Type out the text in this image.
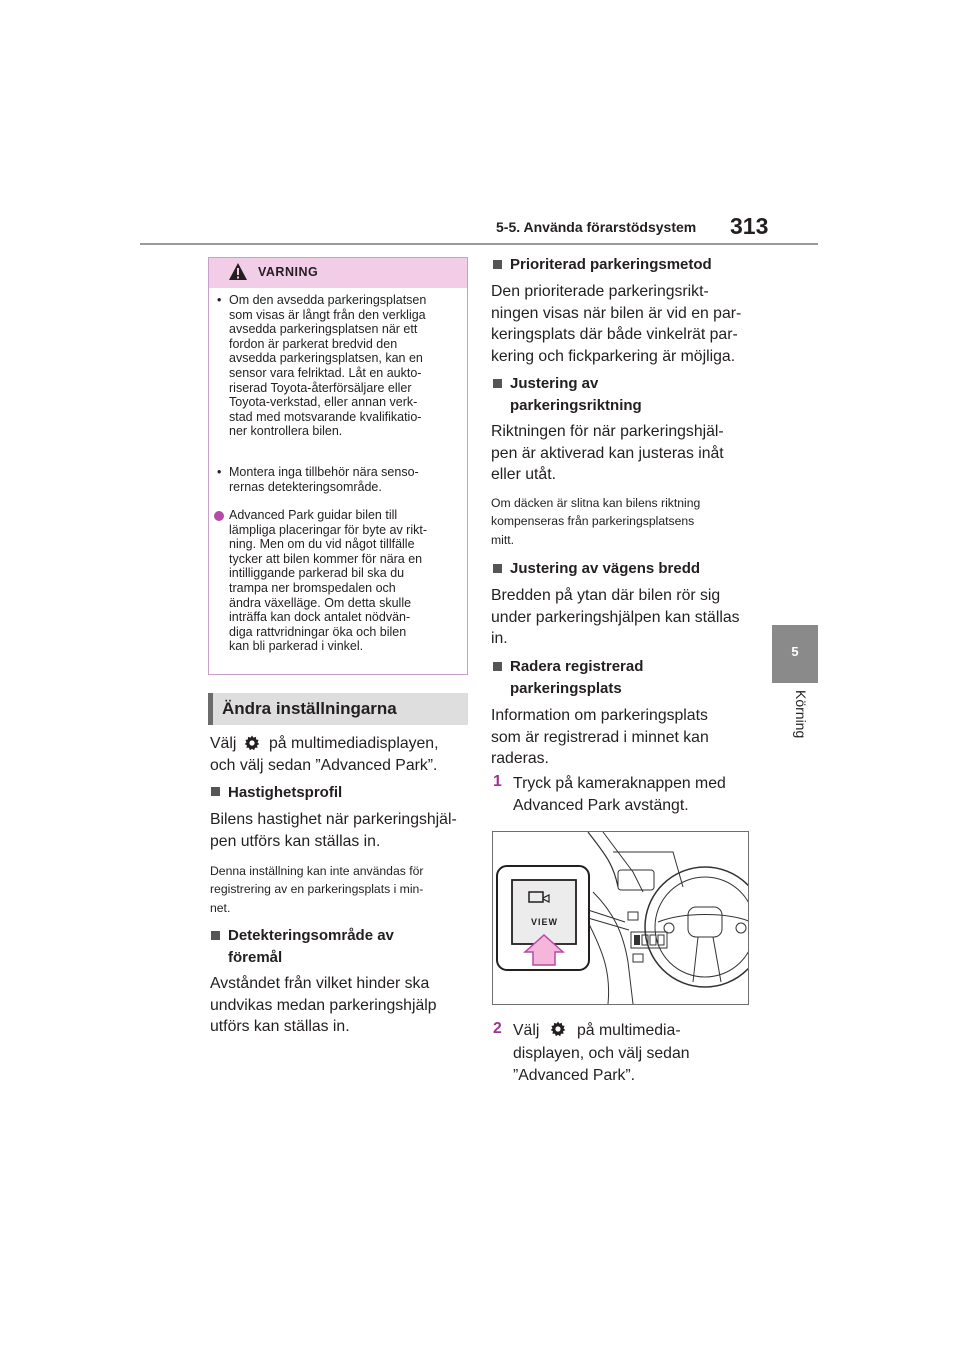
5-5. Använda förarstödsystem 313
5
Körning
VARNING
• Om den avsedda parkeringsplatsen
som visas är långt från den verkliga
avsedda parkeringsplatsen när ett
fordon är parkerat bredvid den
avsedda parkeringsplatsen, kan en
sensor vara felriktad. Låt en aukto-
riserad Toyota-återförsäljare eller
Toyota-verkstad, eller annan verk-
stad med motsvarande kvalifikatio-
ner kontrollera bilen.
• Montera inga tillbehör nära senso-
rernas detekteringsområde.
Advanced Park guidar bilen till
lämpliga placeringar för byte av rikt-
ning. Men om du vid något tillfälle
tycker att bilen kommer för nära en
intilliggande parkerad bil ska du
trampa ner bromspedalen och
ändra växelläge. Om detta skulle
inträffa kan dock antalet nödvän-
diga rattvridningar öka och bilen
kan bli parkerad i vinkel.
Ändra inställningarna
Välj på multimediadisplayen,
och välj sedan ”Advanced Park”.
Hastighetsprofil
Bilens hastighet när parkeringshjäl-
pen utförs kan ställas in.
Denna inställning kan inte användas för
registrering av en parkeringsplats i min-
net.
Detekteringsområde av
föremål
Avståndet från vilket hinder ska
undvikas medan parkeringshjälp
utförs kan ställas in.
Prioriterad parkeringsmetod
Den prioriterade parkeringsrikt-
ningen visas när bilen är vid en par-
keringsplats där både vinkelrät par-
kering och fickparkering är möjliga.
Justering av
parkeringsriktning
Riktningen för när parkeringshjäl-
pen är aktiverad kan justeras inåt
eller utåt.
Om däcken är slitna kan bilens riktning
kompenseras från parkeringsplatsens
mitt.
Justering av vägens bredd
Bredden på ytan där bilen rör sig
under parkeringshjälpen kan ställas
in.
Radera registrerad
parkeringsplats
Information om parkeringsplats
som är registrerad i minnet kan
raderas.
1 Tryck på kameraknappen med
Advanced Park avstängt.
VIEW
2 Välj på multimedia-
displayen, och välj sedan
”Advanced Park”.
